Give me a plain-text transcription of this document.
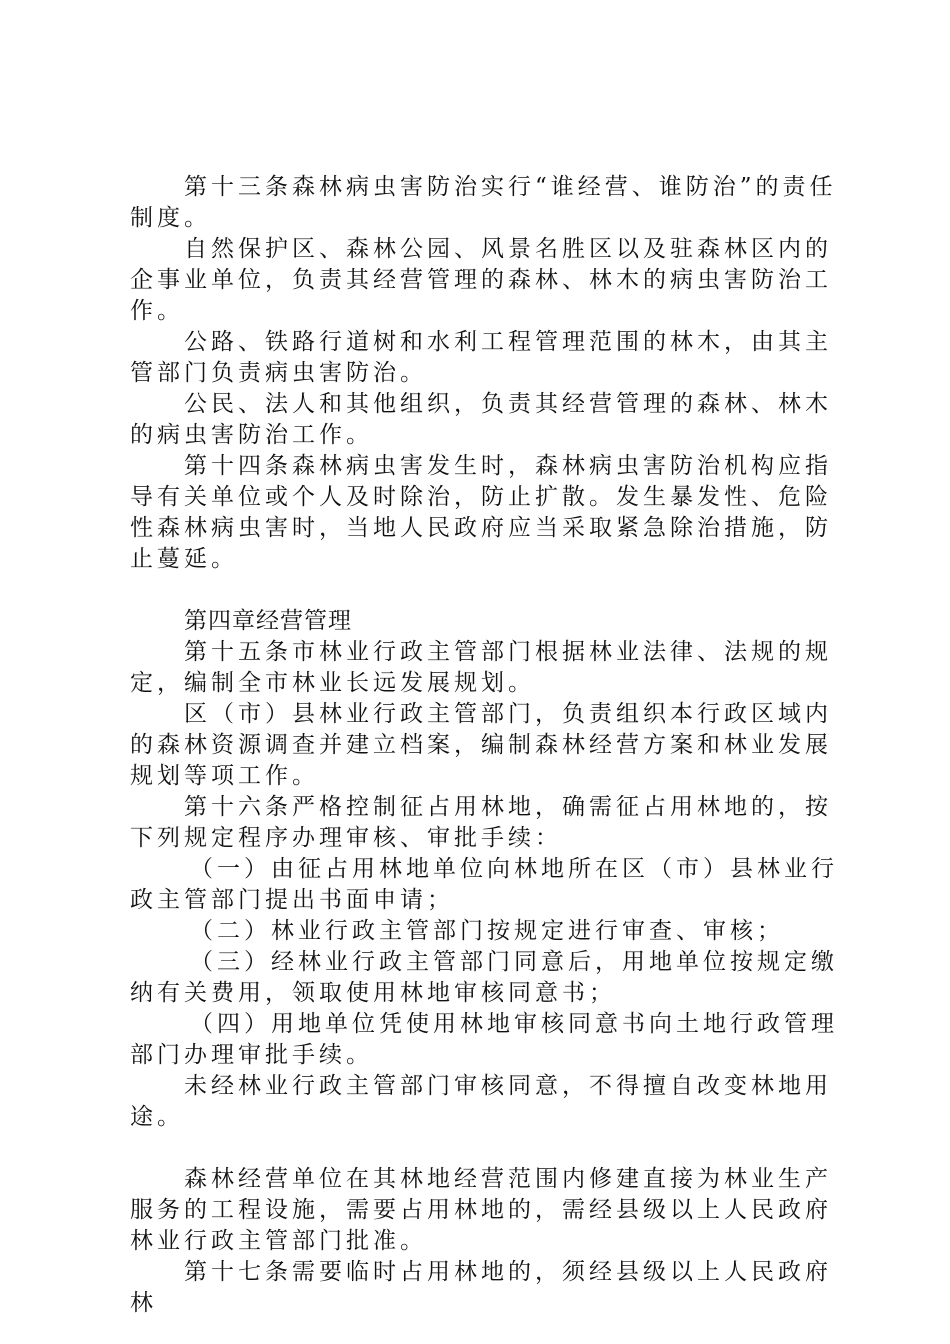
第十三条森林病虫害防治实行“谁经营、谁防治”的责任制度。

自然保护区、森林公园、风景名胜区以及驻森林区内的企事业单位，负责其经营管理的森林、林木的病虫害防治工作。

公路、铁路行道树和水利工程管理范围的林木，由其主管部门负责病虫害防治。

公民、法人和其他组织，负责其经营管理的森林、林木的病虫害防治工作。

第十四条森林病虫害发生时，森林病虫害防治机构应指导有关单位或个人及时除治，防止扩散。发生暴发性、危险性森林病虫害时，当地人民政府应当采取紧急除治措施，防止蔓延。

第四章经营管理

第十五条市林业行政主管部门根据林业法律、法规的规定，编制全市林业长远发展规划。

区（市）县林业行政主管部门，负责组织本行政区域内的森林资源调查并建立档案，编制森林经营方案和林业发展规划等项工作。

第十六条严格控制征占用林地，确需征占用林地的，按下列规定程序办理审核、审批手续：

（一）由征占用林地单位向林地所在区（市）县林业行政主管部门提出书面申请；

（二）林业行政主管部门按规定进行审查、审核；

（三）经林业行政主管部门同意后，用地单位按规定缴纳有关费用，领取使用林地审核同意书；

（四）用地单位凭使用林地审核同意书向土地行政管理部门办理审批手续。

未经林业行政主管部门审核同意，不得擅自改变林地用途。

森林经营单位在其林地经营范围内修建直接为林业生产服务的工程设施，需要占用林地的，需经县级以上人民政府林业行政主管部门批准。

第十七条需要临时占用林地的，须经县级以上人民政府林
